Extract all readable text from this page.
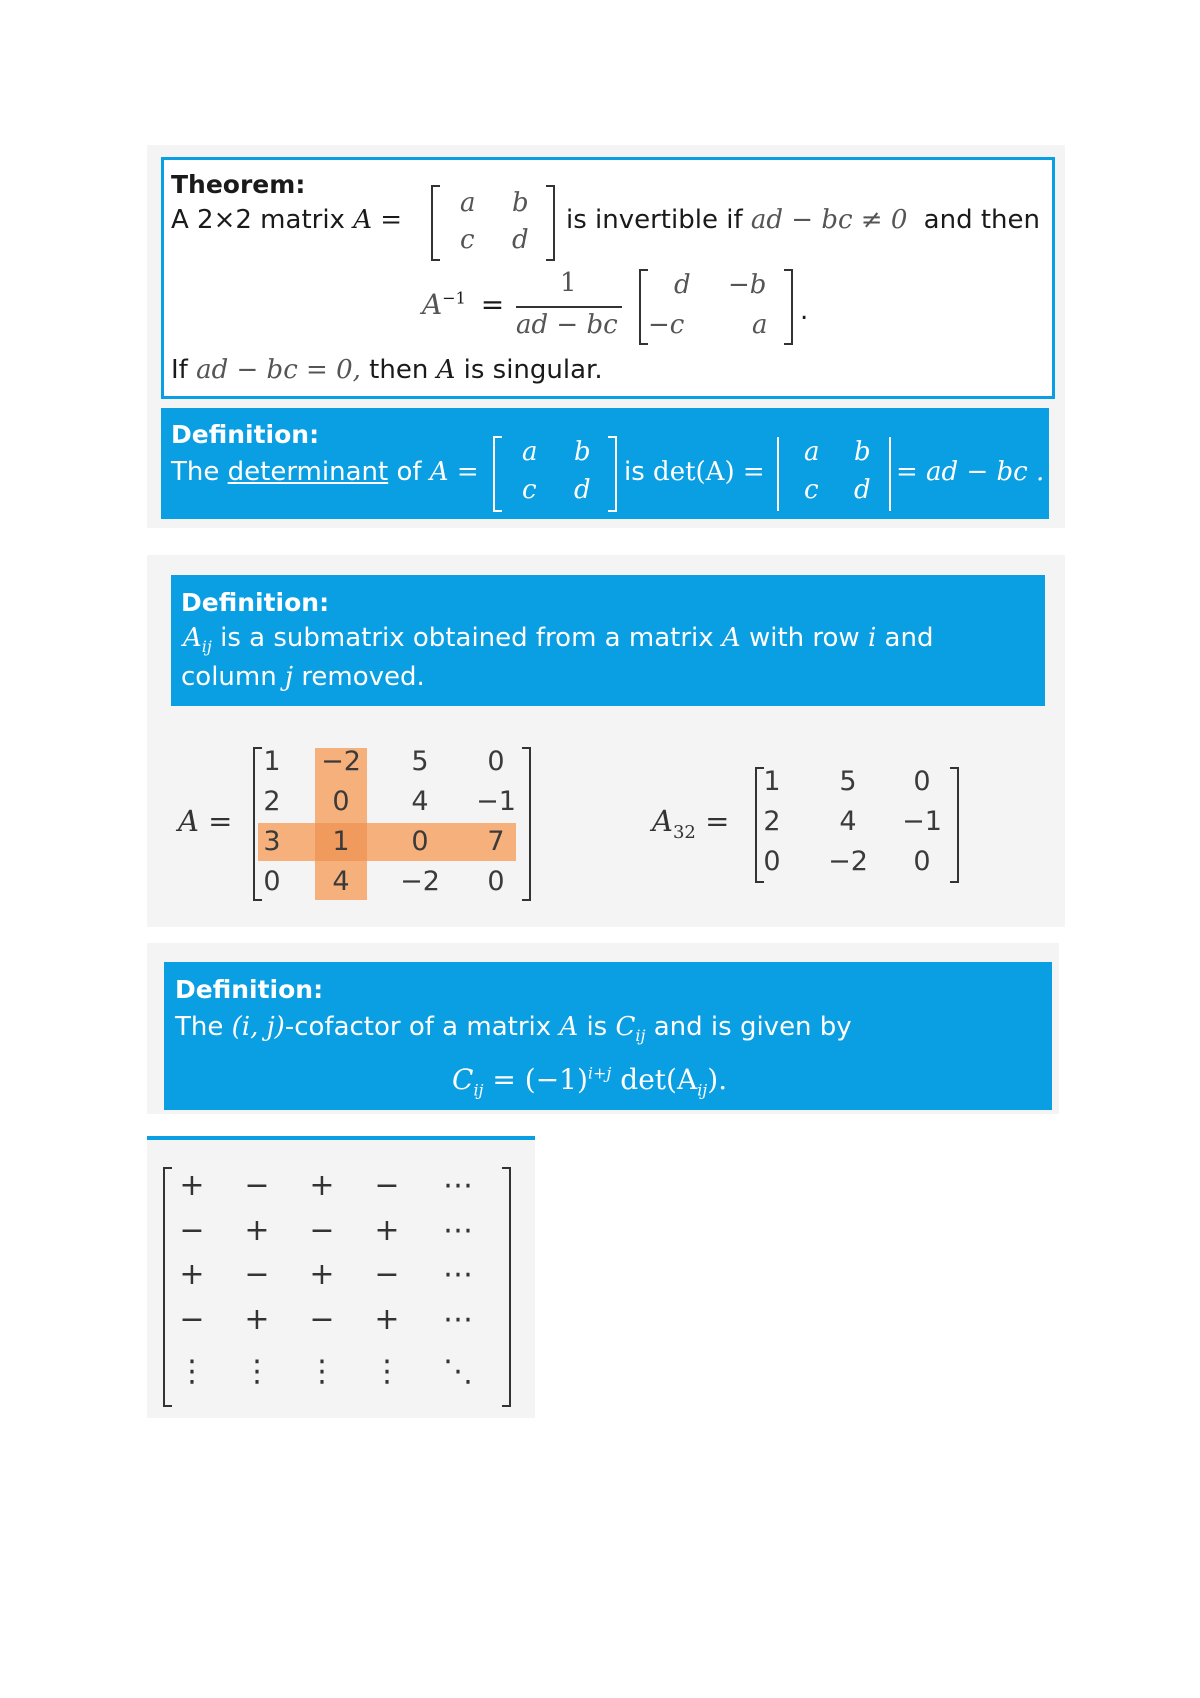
Theorem:
A 2×2 matrix A =
a b
c d
is invertible if ad − bc ≠ 0 and then
$A^{-1}$ =
1
ad − bc
d −b
−c	a .
If ad − bc = 0, then A is singular.
Definition:
The determinant of A =
a b
c d
is det(A) =
a b
c d
= ad − bc .
Definition:
$A_{ij}$ is a submatrix obtained from a matrix A with row i and
column j removed.
A =
1	−2	5	0
2	0	4	−1
3	1	0	7
0	4	−2	0
$A_{32}$ =
1	5	0
2	4	−1
0	−2	0
Definition:
The (i, j)-cofactor of a matrix A is $C_{ij}$ and is given by
$C_{ij} = (-1)^{i+j}$ $\det(A_{ij})$.
+	−	+	−	⋯
−	+	−	+	⋯
+	−	+	−	⋯
−	+	−	+	⋯
⋮ ⋮ ⋮ ⋮ ⋱
